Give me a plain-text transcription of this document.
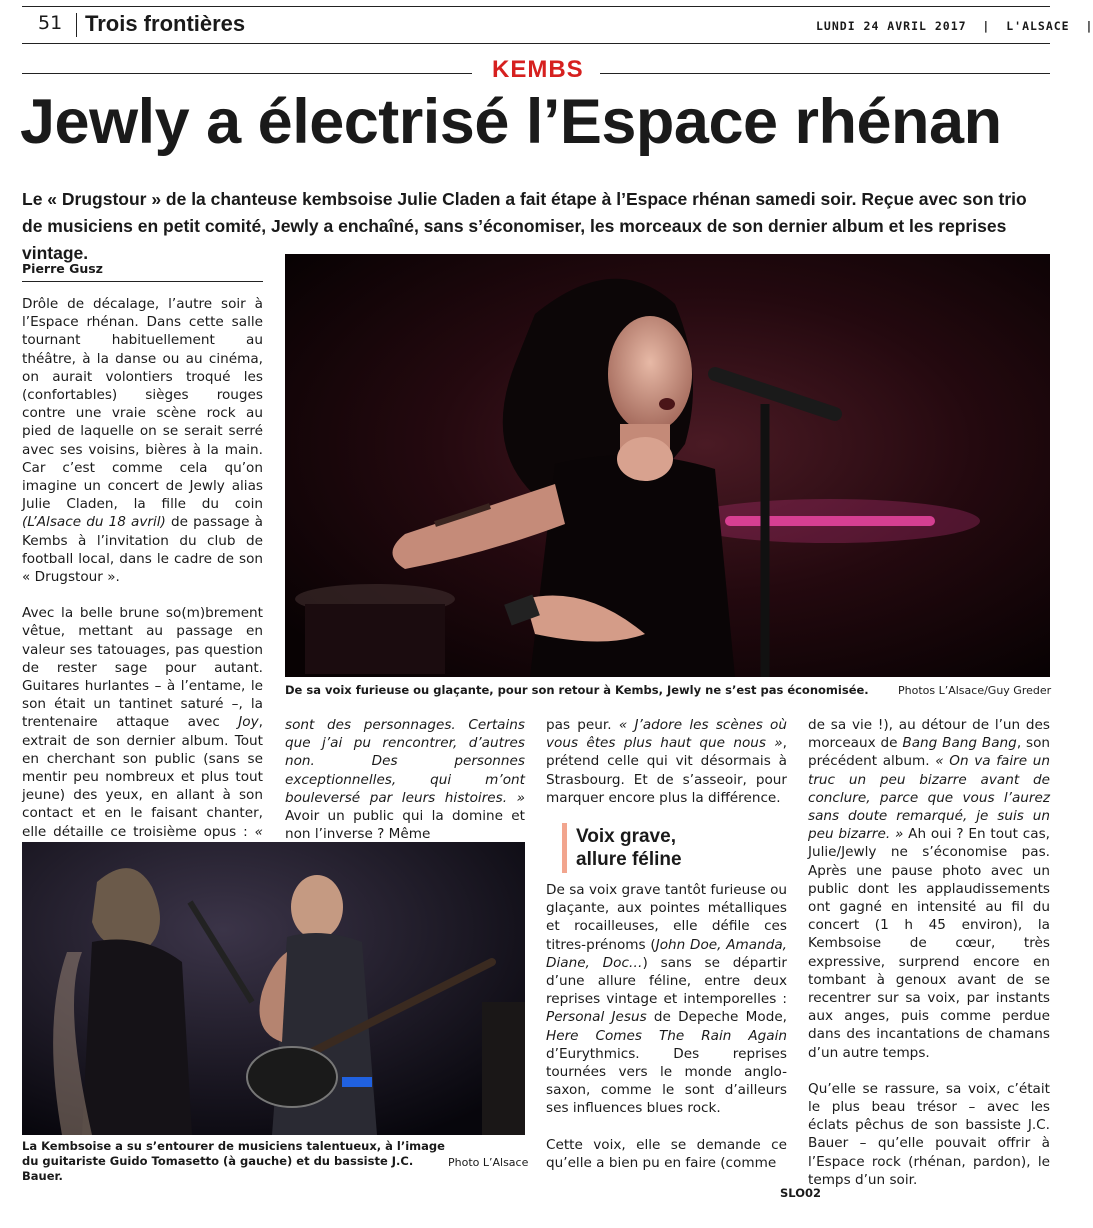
51 Trois frontières	LUNDI 24 AVRIL 2017  |  L'ALSACE  |
KEMBS
Jewly a électrisé l’Espace rhénan
Le « Drugstour » de la chanteuse kembsoise Julie Claden a fait étape à l’Espace rhénan samedi soir. Reçue avec son trio de musiciens en petit comité, Jewly a enchaîné, sans s’économiser, les morceaux de son dernier album et les reprises vintage.
Pierre Gusz

Drôle de décalage, l’autre soir à l’Espace rhénan. Dans cette salle tournant habituellement au théâtre, à la danse ou au cinéma, on aurait volontiers troqué les (confortables) sièges rouges contre une vraie scène rock au pied de laquelle on se serait serré avec ses voisins, bières à la main. Car c’est comme cela qu’on imagine un concert de Jewly alias Julie Claden, la fille du coin (L’Alsace du 18 avril) de passage à Kembs à l’invitation du club de football local, dans le cadre de son « Drugstour ».

Avec la belle brune so(m)brement vêtue, mettant au passage en valeur ses tatouages, pas question de rester sage pour autant. Guitares hurlantes – à l’entame, le son était un tantinet saturé –, la trentenaire attaque avec Joy, extrait de son dernier album. Tout en cherchant son public (sans se mentir peu nombreux et plus tout jeune) des yeux, en allant à son contact et en le faisant chanter, elle détaille ce troisième opus : «

De sa voix furieuse ou glaçante, pour son retour à Kembs, Jewly ne s’est pas économisée.	Photos L’Alsace/Guy Greder

sont des personnages. Certains que j’ai pu rencontrer, d’autres non. Des personnes exceptionnelles, qui m’ont bouleversé par leurs histoires. » Avoir un public qui la domine et non l’inverse ? Même

pas peur. « J’adore les scènes où vous êtes plus haut que nous », prétend celle qui vit désormais à Strasbourg. Et de s’asseoir, pour marquer encore plus la différence.

Voix grave,
allure féline

De sa voix grave tantôt furieuse ou glaçante, aux pointes métalliques et rocailleuses, elle défile ces titres-prénoms (John Doe, Amanda, Diane, Doc…) sans se départir d’une allure féline, entre deux reprises vintage et intemporelles : Personal Jesus de Depeche Mode, Here Comes The Rain Again d’Eurythmics. Des reprises tournées vers le monde anglo-saxon, comme le sont d’ailleurs ses influences blues rock.

Cette voix, elle se demande ce qu’elle a bien pu en faire (comme

de sa vie !), au détour de l’un des morceaux de Bang Bang Bang, son précédent album. « On va faire un truc un peu bizarre avant de conclure, parce que vous l’aurez sans doute remarqué, je suis un peu bizarre. » Ah oui ? En tout cas, Julie/Jewly ne s’économise pas. Après une pause photo avec un public dont les applaudissements ont gagné en intensité au fil du concert (1 h 45 environ), la Kembsoise de cœur, très expressive, surprend encore en tombant à genoux avant de se recentrer sur sa voix, par instants aux anges, puis comme perdue dans des incantations de chamans d’un autre temps.

Qu’elle se rassure, sa voix, c’était le plus beau trésor – avec les éclats pêchus de son bassiste J.C. Bauer – qu’elle pouvait offrir à l’Espace rock (rhénan, pardon), le temps d’un soir.

La Kembsoise a su s’entourer de musiciens talentueux, à l’image du guitariste Guido Tomasetto (à gauche) et du bassiste J.C. Bauer.
Photo L’Alsace
SLO02
